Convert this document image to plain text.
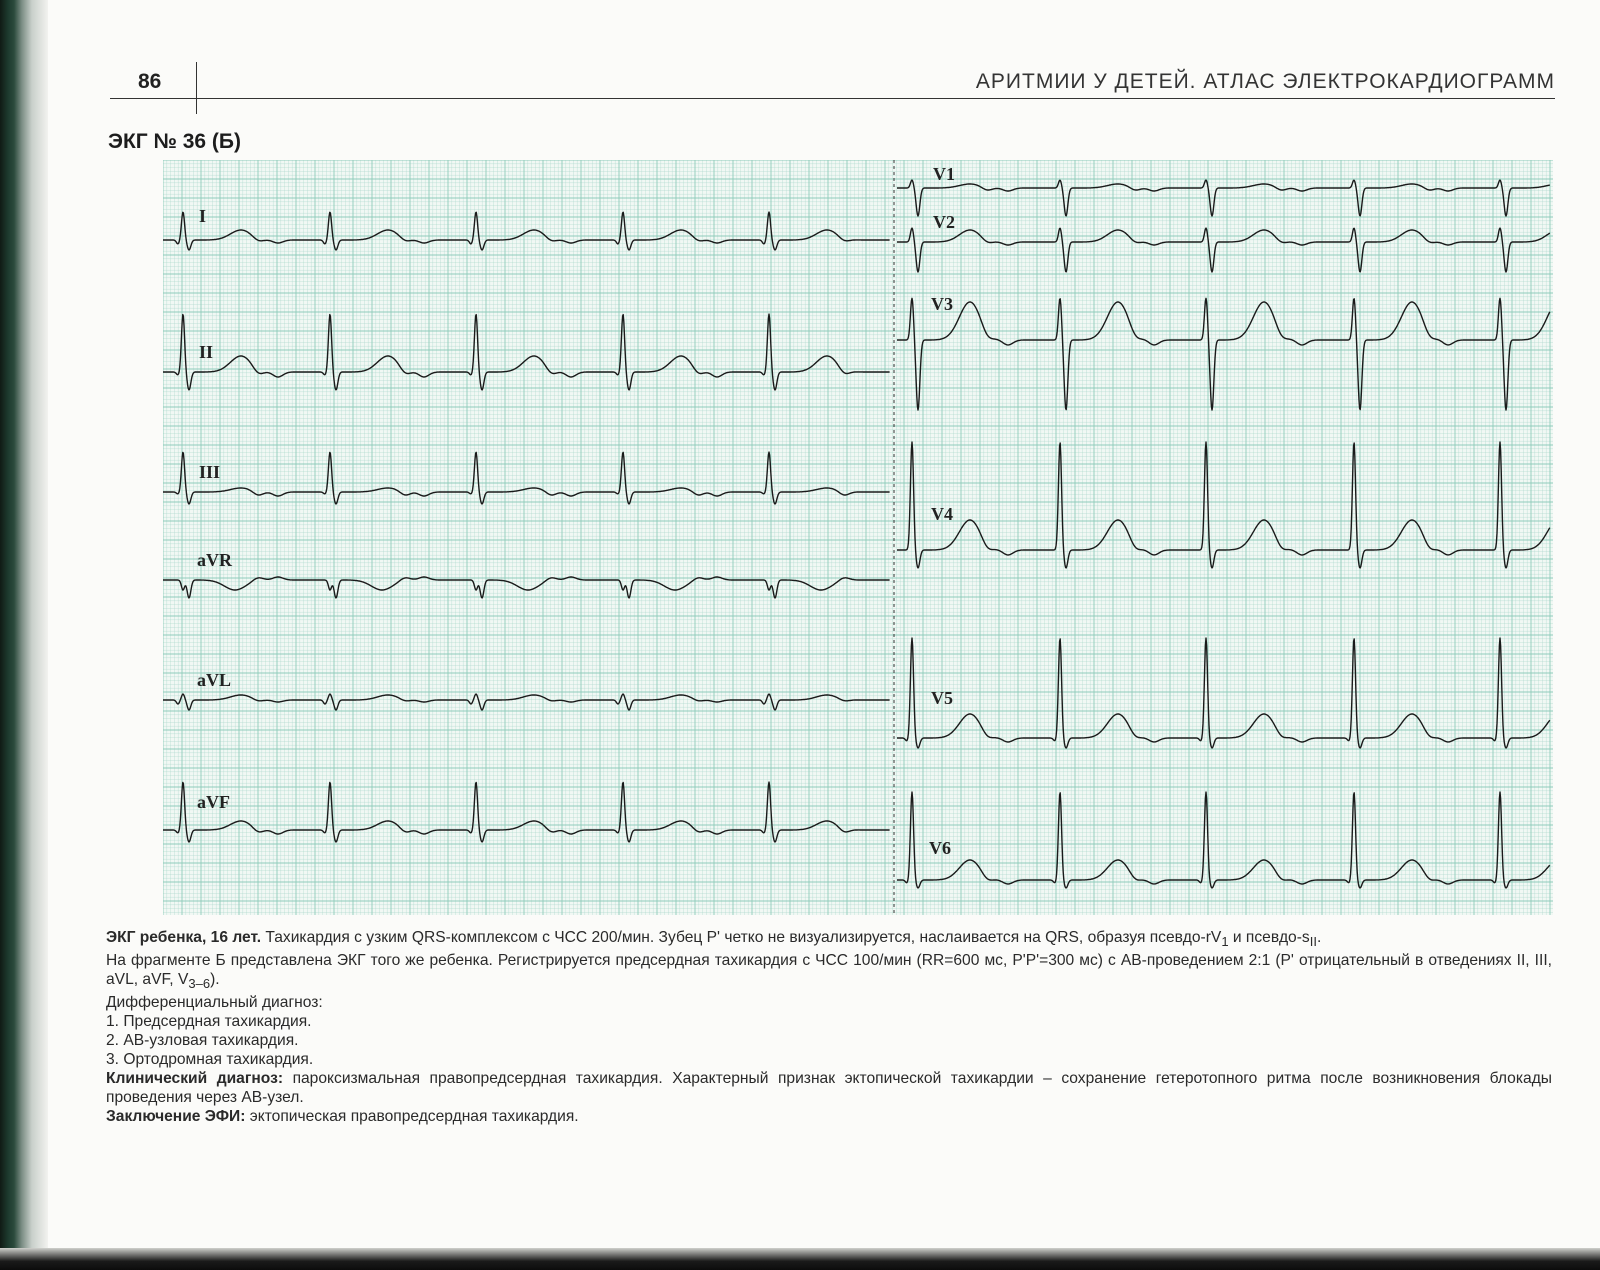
86	АРИТМИИ У ДЕТЕЙ. АТЛАС ЭЛЕКТРОКАРДИОГРАММ
ЭКГ № 36 (Б)
I
II
III
aVR
aVL
aVF
V1
V2
V3
V4
V5
V6

ЭКГ ребенка, 16 лет. Тахикардия с узким QRS-комплексом с ЧСС 200/мин. Зубец P' четко не визуализируется, наслаивается на QRS, образуя псевдо-$rV_1$ и псевдо-$s_{II}$.

На фрагменте Б представлена ЭКГ того же ребенка. Регистрируется предсердная тахикардия с ЧСС 100/мин (RR=600 мс, P'P'=300 мс) с АВ-проведением 2:1 (P' отрицательный в отведениях II, III, aVL, aVF, $V_{3-6}$).

Дифференциальный диагноз:

1. Предсердная тахикардия.

2. АВ-узловая тахикардия.

3. Ортодромная тахикардия.

Клинический диагноз: пароксизмальная правопредсердная тахикардия. Характерный признак эктопической тахикардии – сохранение гетеротопного ритма после возникновения блокады проведения через АВ-узел.

Заключение ЭФИ: эктопическая правопредсердная тахикардия.
